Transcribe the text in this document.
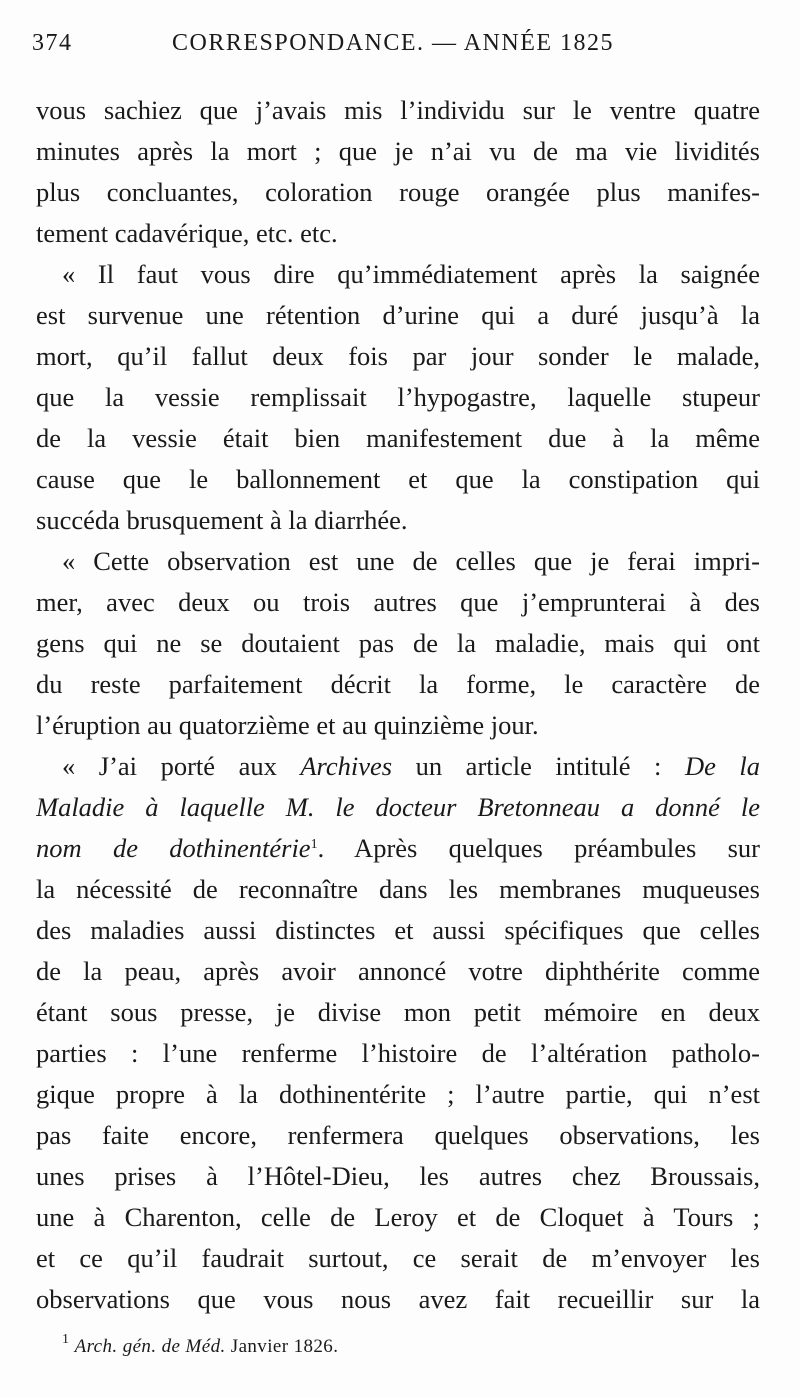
374	CORRESPONDANCE. — ANNÉE 1825
vous sachiez que j’avais mis l’individu sur le ventre quatre
minutes après la mort ; que je n’ai vu de ma vie lividités
plus concluantes, coloration rouge orangée plus manifes-
tement cadavérique, etc. etc.
« Il faut vous dire qu’immédiatement après la saignée
est survenue une rétention d’urine qui a duré jusqu’à la
mort, qu’il fallut deux fois par jour sonder le malade,
que la vessie remplissait l’hypogastre, laquelle stupeur
de la vessie était bien manifestement due à la même
cause que le ballonnement et que la constipation qui
succéda brusquement à la diarrhée.
« Cette observation est une de celles que je ferai impri-
mer, avec deux ou trois autres que j’emprunterai à des
gens qui ne se doutaient pas de la maladie, mais qui ont
du reste parfaitement décrit la forme, le caractère de
l’éruption au quatorzième et au quinzième jour.
« J’ai porté aux Archives un article intitulé : De la
Maladie à laquelle M. le docteur Bretonneau a donné le
nom de dothinentérie$^1$. Après quelques préambules sur
la nécessité de reconnaître dans les membranes muqueuses
des maladies aussi distinctes et aussi spécifiques que celles
de la peau, après avoir annoncé votre diphthérite comme
étant sous presse, je divise mon petit mémoire en deux
parties : l’une renferme l’histoire de l’altération patholo-
gique propre à la dothinentérite ; l’autre partie, qui n’est
pas faite encore, renfermera quelques observations, les
unes prises à l’Hôtel-Dieu, les autres chez Broussais,
une à Charenton, celle de Leroy et de Cloquet à Tours ;
et ce qu’il faudrait surtout, ce serait de m’envoyer les
observations que vous nous avez fait recueillir sur la
$^1$ Arch. gén. de Méd. Janvier 1826.
